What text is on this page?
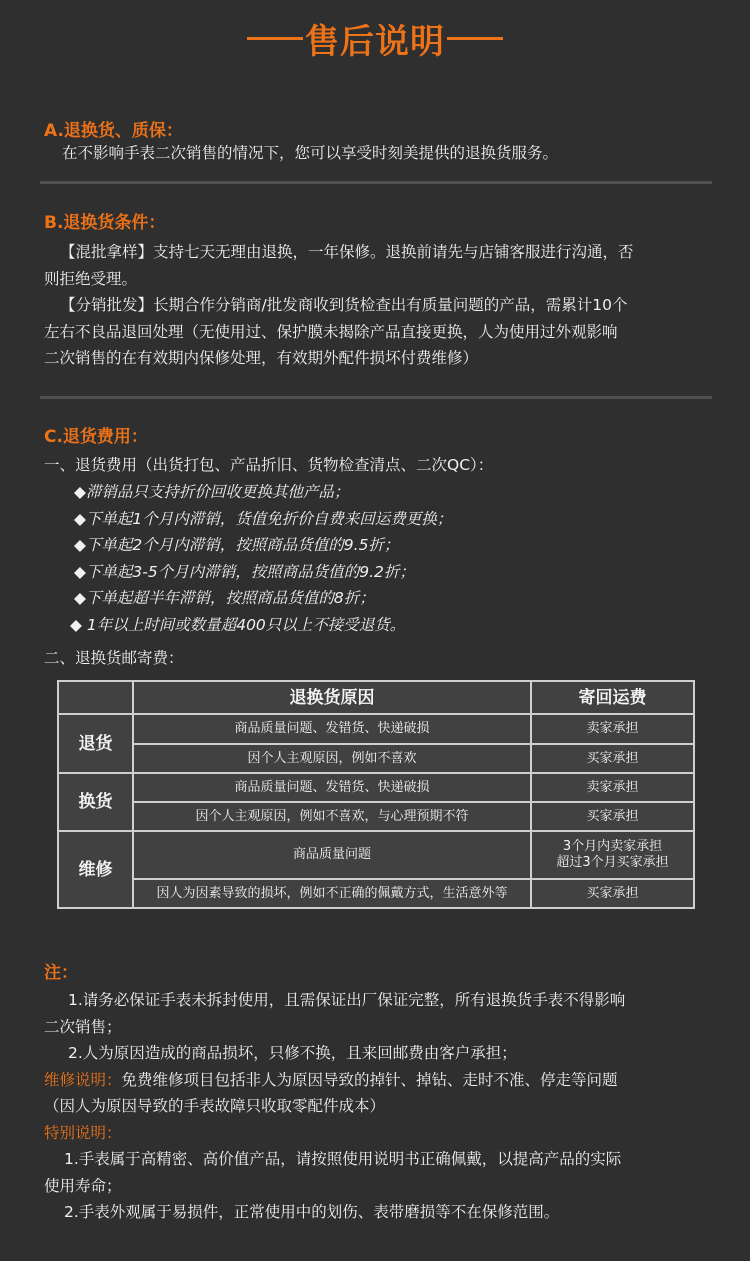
售后说明
A.退换货、质保：
在不影响手表二次销售的情况下，您可以享受时刻美提供的退换货服务。
B.退换货条件：
【混批拿样】支持七天无理由退换，一年保修。退换前请先与店铺客服进行沟通，否
则拒绝受理。
【分销批发】长期合作分销商/批发商收到货检查出有质量问题的产品，需累计10个
左右不良品退回处理（无使用过、保护膜未揭除产品直接更换，人为使用过外观影响
二次销售的在有效期内保修处理，有效期外配件损坏付费维修）
C.退货费用：
一、退货费用（出货打包、产品折旧、货物检查清点、二次QC）：
◆滞销品只支持折价回收更换其他产品；
◆下单起1个月内滞销，货值免折价自费来回运费更换；
◆下单起2个月内滞销，按照商品货值的9.5折；
◆下单起3-5个月内滞销，按照商品货值的9.2折；
◆下单起超半年滞销，按照商品货值的8折；
◆ 1年以上时间或数量超400只以上不接受退货。
二、退换货邮寄费：
	退换货原因	寄回运费
退货	商品质量问题、发错货、快递破损	卖家承担
	因个人主观原因，例如不喜欢	买家承担
换货	商品质量问题、发错货、快递破损	卖家承担
	因个人主观原因，例如不喜欢，与心理预期不符	买家承担
维修	商品质量问题	3个月内卖家承担
超过3个月买家承担

	因人为因素导致的损坏，例如不正确的佩戴方式，生活意外等	买家承担
注：
1.请务必保证手表未拆封使用，且需保证出厂保证完整，所有退换货手表不得影响
二次销售；
2.人为原因造成的商品损坏，只修不换，且来回邮费由客户承担；
维修说明：免费维修项目包括非人为原因导致的掉针、掉钻、走时不准、停走等问题
（因人为原因导致的手表故障只收取零配件成本）
特别说明：
1.手表属于高精密、高价值产品，请按照使用说明书正确佩戴，以提高产品的实际
使用寿命；
2.手表外观属于易损件，正常使用中的划伤、表带磨损等不在保修范围。
